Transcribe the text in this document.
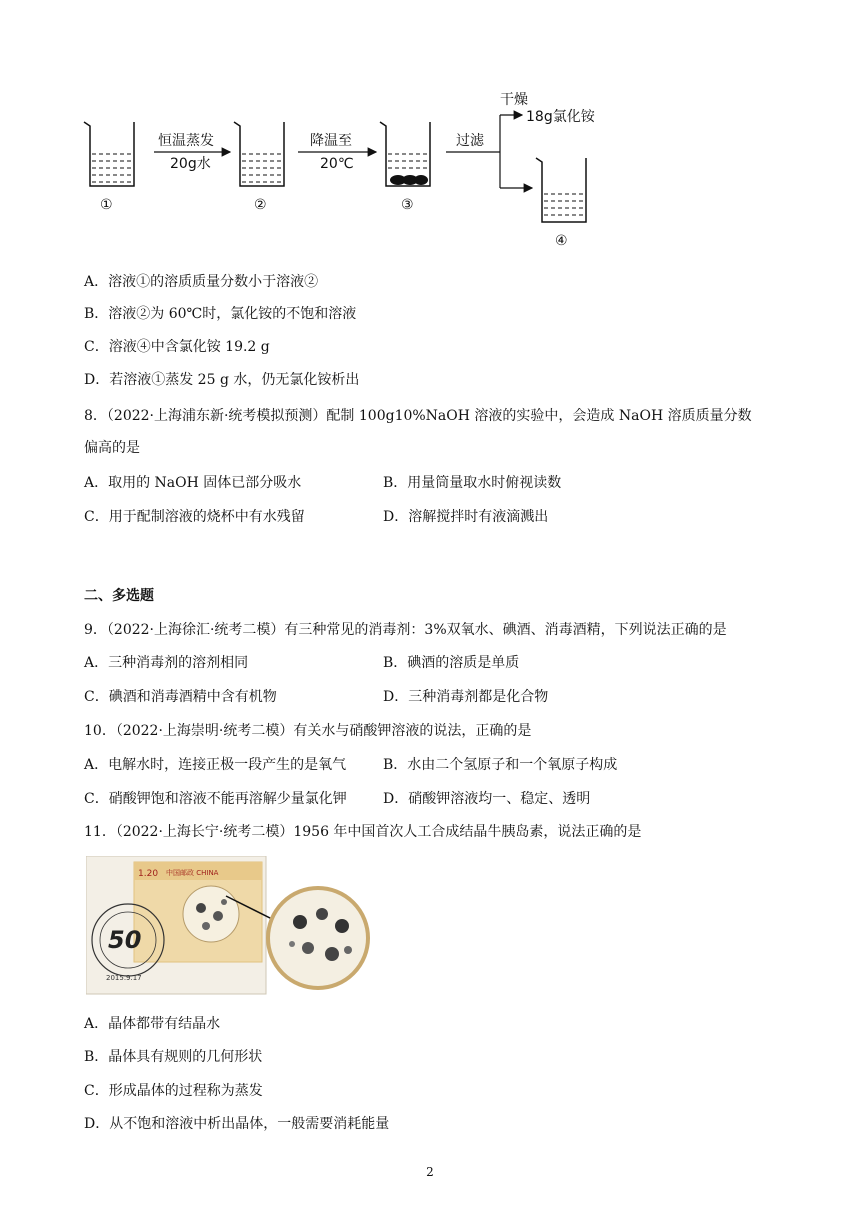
①
恒温蒸发
20g水
②
降温至
20℃
③
过滤
干燥
18g氯化铵
④
A．溶液①的溶质质量分数小于溶液②
B．溶液②为 60℃时，氯化铵的不饱和溶液
C．溶液④中含氯化铵 19.2 g
D．若溶液①蒸发 25 g 水，仍无氯化铵析出
8．（2022·上海浦东新·统考模拟预测）配制 100g10%NaOH 溶液的实验中，会造成 NaOH 溶质质量分数
偏高的是
A．取用的 NaOH 固体已部分吸水	B．用量筒量取水时俯视读数
C．用于配制溶液的烧杯中有水残留	D．溶解搅拌时有液滴溅出
二、多选题
9．（2022·上海徐汇·统考二模）有三种常见的消毒剂：3%双氧水、碘酒、消毒酒精，下列说法正确的是
A．三种消毒剂的溶剂相同	B．碘酒的溶质是单质
C．碘酒和消毒酒精中含有机物	D．三种消毒剂都是化合物
10．（2022·上海崇明·统考二模）有关水与硝酸钾溶液的说法，正确的是
A．电解水时，连接正极一段产生的是氧气	B．水由二个氢原子和一个氧原子构成
C．硝酸钾饱和溶液不能再溶解少量氯化钾	D．硝酸钾溶液均一、稳定、透明
11．（2022·上海长宁·统考二模）1956 年中国首次人工合成结晶牛胰岛素，说法正确的是
1.20 中国邮政 CHINA
50
2015.9.17
A．晶体都带有结晶水
B．晶体具有规则的几何形状
C．形成晶体的过程称为蒸发
D．从不饱和溶液中析出晶体，一般需要消耗能量
2
